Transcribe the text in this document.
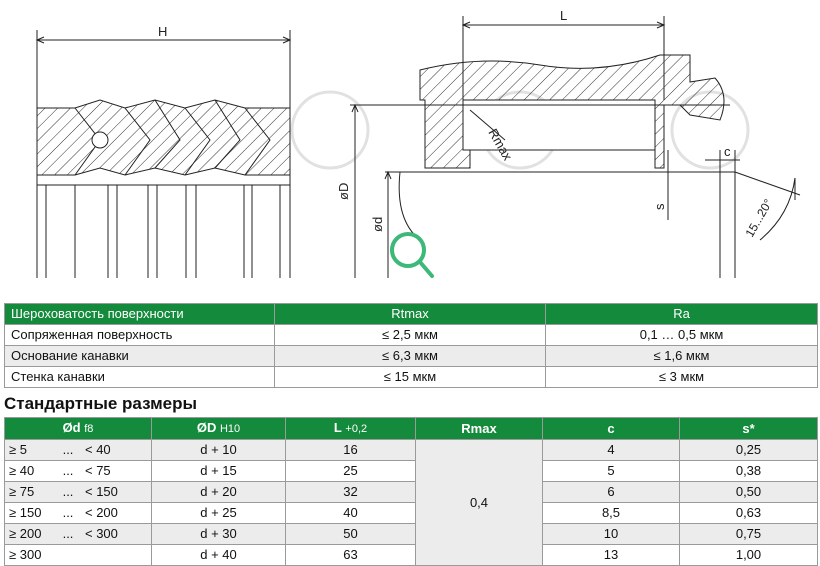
H
L
Rmax
øD
ød
c
s	15...20°
Шероховатость поверхности	Rtmax	Ra
Сопряженная поверхность	≤ 2,5 мкм	0,1 … 0,5 мкм
Основание канавки	≤ 6,3 мкм	≤ 1,6 мкм
Стенка канавки	≤ 15 мкм	≤ 3 мкм
Стандартные размеры
Ød f8	ØD H10	L +0,2	Rmax	c	s*
≥ 5 ... < 40	d + 10	16	0,4	4	0,25
≥ 40 ... < 75	d + 15	25		5	0,38
≥ 75 ... < 150	d + 20	32		6	0,50
≥ 150 ... < 200	d + 25	40		8,5	0,63
≥ 200 ... < 300	d + 30	50		10	0,75
≥ 300	d + 40	63		13	1,00
